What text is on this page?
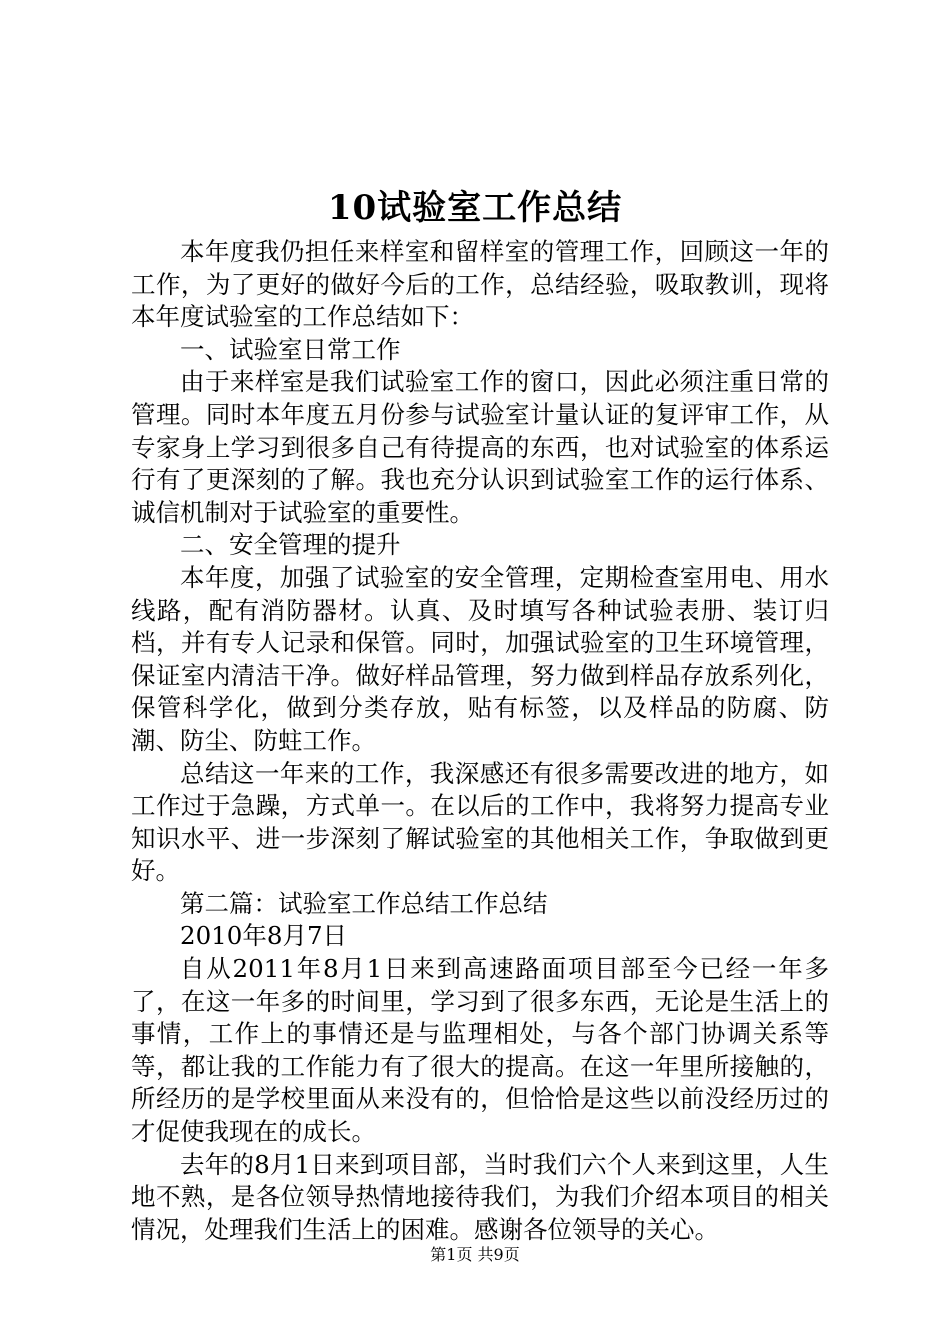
10试验室工作总结

本年度我仍担任来样室和留样室的管理工作，回顾这一年的工作，为了更好的做好今后的工作，总结经验，吸取教训，现将本年度试验室的工作总结如下：

一、试验室日常工作

由于来样室是我们试验室工作的窗口，因此必须注重日常的管理。同时本年度五月份参与试验室计量认证的复评审工作，从专家身上学习到很多自己有待提高的东西，也对试验室的体系运行有了更深刻的了解。我也充分认识到试验室工作的运行体系、诚信机制对于试验室的重要性。

二、安全管理的提升

本年度，加强了试验室的安全管理，定期检查室用电、用水线路，配有消防器材。认真、及时填写各种试验表册、装订归档，并有专人记录和保管。同时，加强试验室的卫生环境管理，保证室内清洁干净。做好样品管理，努力做到样品存放系列化，保管科学化，做到分类存放，贴有标签，以及样品的防腐、防潮、防尘、防蛀工作。

总结这一年来的工作，我深感还有很多需要改进的地方，如工作过于急躁，方式单一。在以后的工作中，我将努力提高专业知识水平、进一步深刻了解试验室的其他相关工作，争取做到更好。

第二篇：试验室工作总结工作总结

2010年8月7日

自从2011年8月1日来到高速路面项目部至今已经一年多了，在这一年多的时间里，学习到了很多东西，无论是生活上的事情，工作上的事情还是与监理相处，与各个部门协调关系等等，都让我的工作能力有了很大的提高。在这一年里所接触的，所经历的是学校里面从来没有的，但恰恰是这些以前没经历过的才促使我现在的成长。

去年的8月1日来到项目部，当时我们六个人来到这里，人生地不熟，是各位领导热情地接待我们，为我们介绍本项目的相关情况，处理我们生活上的困难。感谢各位领导的关心。

第1页 共9页
